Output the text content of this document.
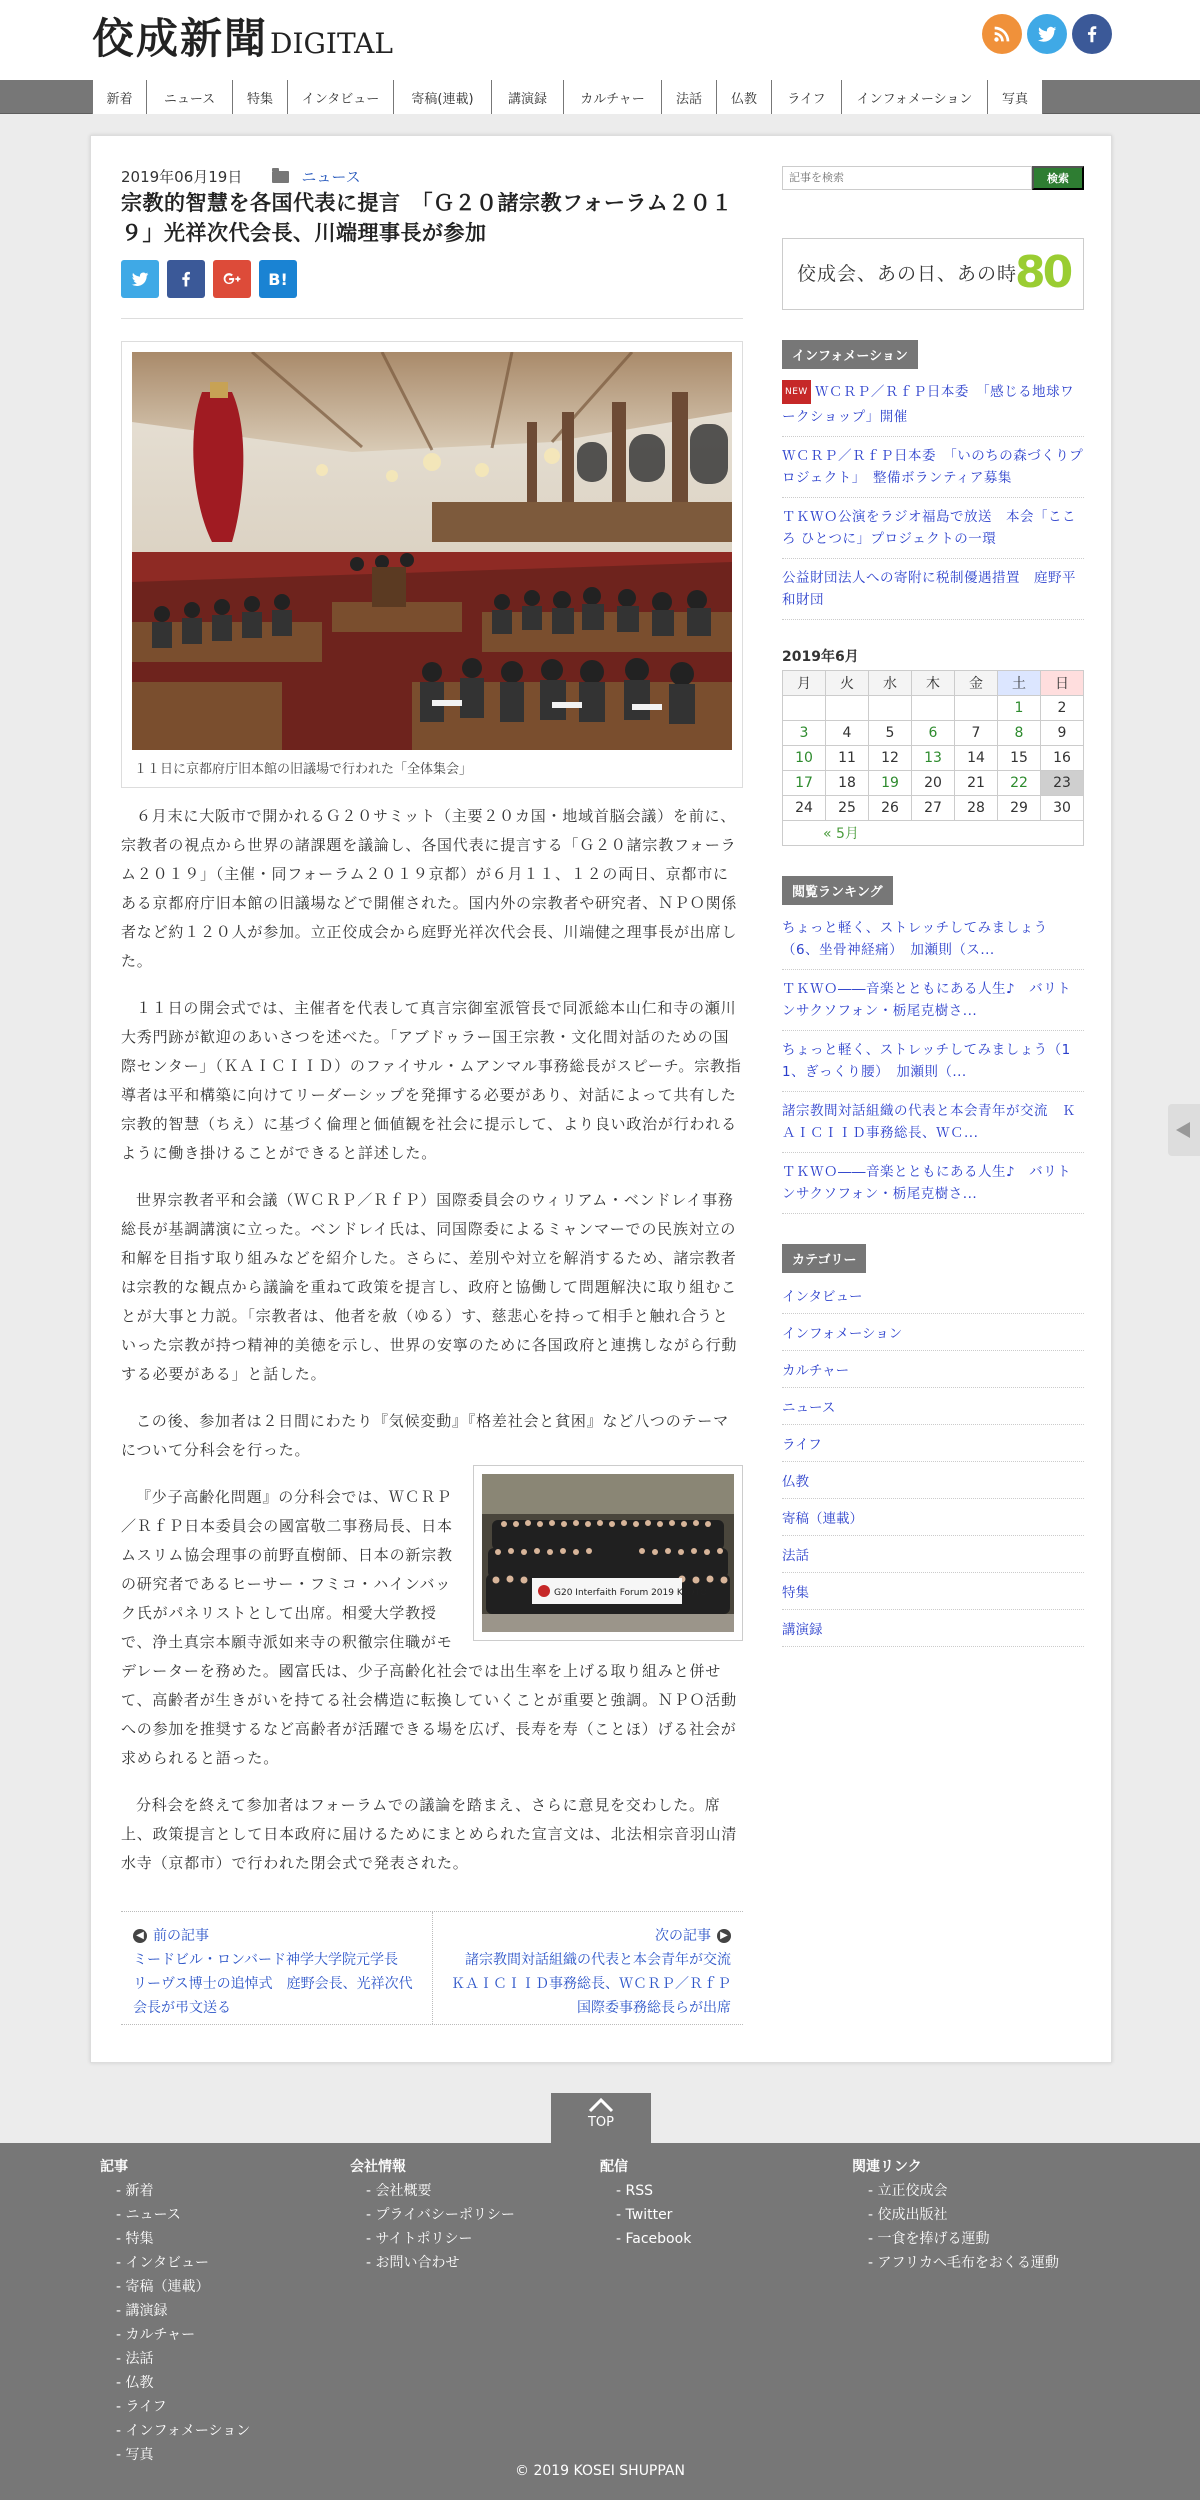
佼成新聞 DIGITAL
新着	ニュース	特集	インタビュー	寄稿(連載)	講演録	カルチャー	法話	仏教	ライフ	インフォメーション	写真
2019年06月19日	ニュース
宗教的智慧を各国代表に提言　「Ｇ２０諸宗教フォーラム２０１９」光祥次代会長、川端理事長が参加
B!
１１日に京都府庁旧本館の旧議場で行われた「全体集会」

６月末に大阪市で開かれるＧ２０サミット（主要２０カ国・地域首脳会議）を前に、宗教者の視点から世界の諸課題を議論し、各国代表に提言する「Ｇ２０諸宗教フォーラム２０１９」（主催・同フォーラム２０１９京都）が６月１１、１２の両日、京都市にある京都府庁旧本館の旧議場などで開催された。国内外の宗教者や研究者、ＮＰＯ関係者など約１２０人が参加。立正佼成会から庭野光祥次代会長、川端健之理事長が出席した。

１１日の開会式では、主催者を代表して真言宗御室派管長で同派総本山仁和寺の瀬川大秀門跡が歓迎のあいさつを述べた。「アブドゥラー国王宗教・文化間対話のための国際センター」（ＫＡＩＣＩＩＤ）のファイサル・ムアンマル事務総長がスピーチ。宗教指導者は平和構築に向けてリーダーシップを発揮する必要があり、対話によって共有した宗教的智慧（ちえ）に基づく倫理と価値観を社会に提示して、より良い政治が行われるように働き掛けることができると詳述した。

世界宗教者平和会議（ＷＣＲＰ／ＲｆＰ）国際委員会のウィリアム・ベンドレイ事務総長が基調講演に立った。ベンドレイ氏は、同国際委によるミャンマーでの民族対立の和解を目指す取り組みなどを紹介した。さらに、差別や対立を解消するため、諸宗教者は宗教的な観点から議論を重ねて政策を提言し、政府と協働して問題解決に取り組むことが大事と力説。「宗教者は、他者を赦（ゆる）す、慈悲心を持って相手と触れ合うといった宗教が持つ精神的美徳を示し、世界の安寧のために各国政府と連携しながら行動する必要がある」と話した。

この後、参加者は２日間にわたり『気候変動』『格差社会と貧困』など八つのテーマについて分科会を行った。

G20 Interfaith Forum 2019 KYOTO

『少子高齢化問題』の分科会では、ＷＣＲＰ／ＲｆＰ日本委員会の國富敬二事務局長、日本ムスリム協会理事の前野直樹師、日本の新宗教の研究者であるヒーサー・フミコ・ハインバック氏がパネリストとして出席。相愛大学教授で、浄土真宗本願寺派如来寺の釈徹宗住職がモデレーターを務めた。國富氏は、少子高齢化社会では出生率を上げる取り組みと併せて、高齢者が生きがいを持てる社会構造に転換していくことが重要と強調。ＮＰＯ活動への参加を推奨するなど高齢者が活躍できる場を広げ、長寿を寿（ことほ）げる社会が求められると語った。

分科会を終えて参加者はフォーラムでの議論を踏まえ、さらに意見を交わした。席上、政策提言として日本政府に届けるためにまとめられた宣言文は、北法相宗音羽山清水寺（京都市）で行われた閉会式で発表された。

◀ 前の記事
ミードビル・ロンバード神学大学院元学長　リーヴス博士の追悼式　庭野会長、光祥次代会長が弔文送る
次の記事 ▶
諸宗教間対話組織の代表と本会青年が交流　ＫＡＩＣＩＩＤ事務総長、ＷＣＲＰ／ＲｆＰ国際委事務総長らが出席
記事を検索
検索
佼成会、あの日、あの時
80
インフォメーション
NEW ＷＣＲＰ／ＲｆＰ日本委　「感じる地球ワークショップ」開催
ＷＣＲＰ／ＲｆＰ日本委　「いのちの森づくりプロジェクト」　整備ボランティア募集
ＴＫＷＯ公演をラジオ福島で放送　本会「こころ ひとつに」プロジェクトの一環
公益財団法人への寄附に税制優遇措置　庭野平和財団
2019年6月
月	火	水	木	金	土	日
					1	2
3	4	5	6	7	8	9
10	11	12	13	14	15	16
17	18	19	20	21	22	23
24	25	26	27	28	29	30
« 5月						
閲覧ランキング
ちょっと軽く、ストレッチしてみましょう（6、坐骨神経痛）　加瀬則（ス...
ＴＫＷＯ――音楽とともにある人生♪　バリトンサクソフォン・栃尾克樹さ...
ちょっと軽く、ストレッチしてみましょう（1　1、ぎっくり腰）　加瀬則（...
諸宗教間対話組織の代表と本会青年が交流　ＫＡＩＣＩＩＤ事務総長、ＷＣ...
ＴＫＷＯ――音楽とともにある人生♪　バリトンサクソフォン・栃尾克樹さ...
カテゴリー
インタビュー
インフォメーション
カルチャー
ニュース
ライフ
仏教
寄稿（連載）
法話
特集
講演録
TOP
記事
- 新着
- ニュース
- 特集
- インタビュー
- 寄稿（連載）
- 講演録
- カルチャー
- 法話
- 仏教
- ライフ
- インフォメーション
- 写真
会社情報
- 会社概要
- プライバシーポリシー
- サイトポリシー
- お問い合わせ
配信
- RSS
- Twitter
- Facebook
関連リンク
- 立正佼成会
- 佼成出版社
- 一食を捧げる運動
- アフリカへ毛布をおくる運動
© 2019 KOSEI SHUPPAN
